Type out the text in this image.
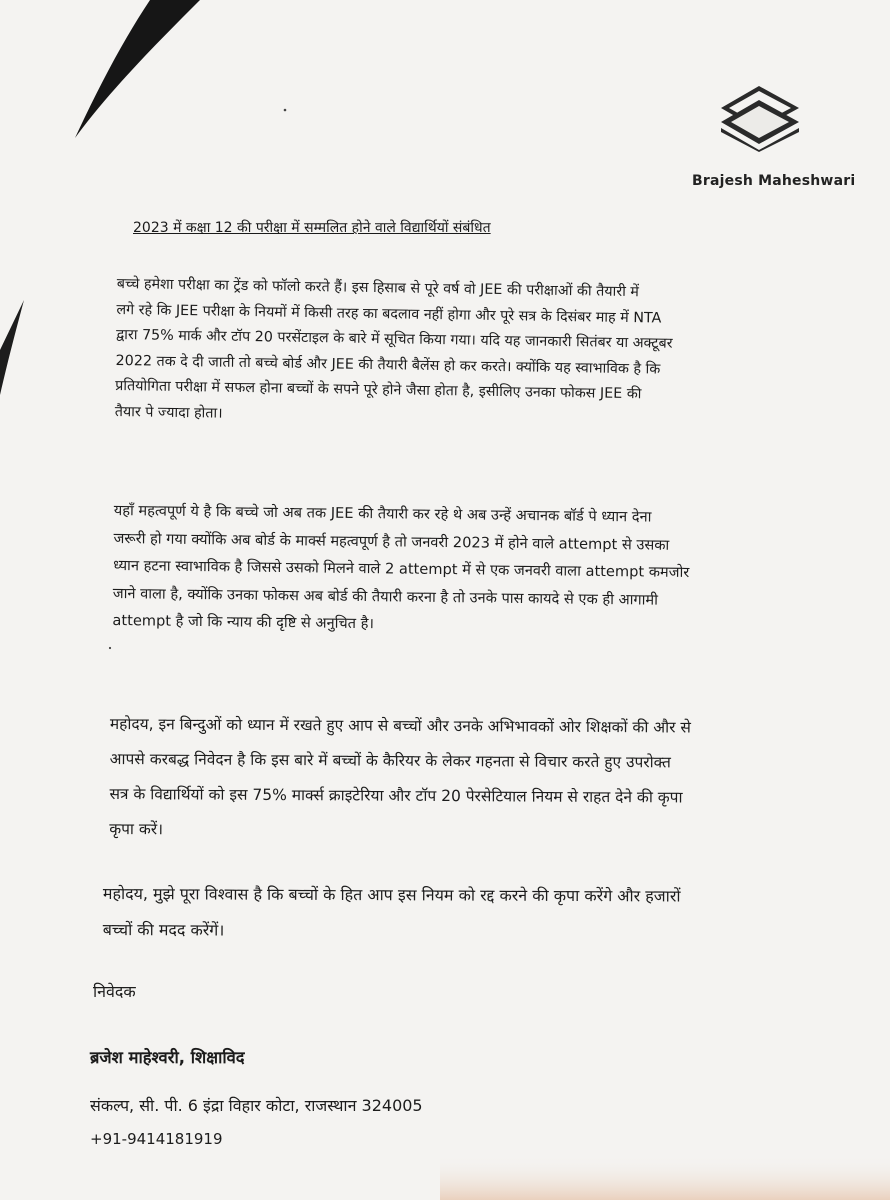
Brajesh Maheshwari
2023 में कक्षा 12 की परीक्षा में सम्मलित होने वाले विद्यार्थियों संबंधित
बच्चे हमेशा परीक्षा का ट्रेंड को फॉलो करते हैं। इस हिसाब से पूरे वर्ष वो JEE की परीक्षाओं की तैयारी में
लगे रहे कि JEE परीक्षा के नियमों में किसी तरह का बदलाव नहीं होगा और पूरे सत्र के दिसंबर माह में NTA
द्वारा 75% मार्क और टॉप 20 परसेंटाइल के बारे में सूचित किया गया। यदि यह जानकारी सितंबर या अक्टूबर
2022 तक दे दी जाती तो बच्चे बोर्ड और JEE की तैयारी बैलेंस हो कर करते। क्योंकि यह स्वाभाविक है कि
प्रतियोगिता परीक्षा में सफल होना बच्चों के सपने पूरे होने जैसा होता है, इसीलिए उनका फोकस JEE की
तैयार पे ज्यादा होता।
यहाँ महत्वपूर्ण ये है कि बच्चे जो अब तक JEE की तैयारी कर रहे थे अब उन्हें अचानक बॉर्ड पे ध्यान देना
जरूरी हो गया क्योंकि अब बोर्ड के मार्क्स महत्वपूर्ण है तो जनवरी 2023 में होने वाले attempt से उसका
ध्यान हटना स्वाभाविक है जिससे उसको मिलने वाले 2 attempt में से एक जनवरी वाला attempt कमजोर
जाने वाला है, क्योंकि उनका फोकस अब बोर्ड की तैयारी करना है तो उनके पास कायदे से एक ही आगामी
attempt है जो कि न्याय की दृष्टि से अनुचित है।
महोदय, इन बिन्दुओं को ध्यान में रखते हुए आप से बच्चों और उनके अभिभावकों ओर शिक्षकों की और से
आपसे करबद्ध निवेदन है कि इस बारे में बच्चों के कैरियर के लेकर गहनता से विचार करते हुए उपरोक्त
सत्र के विद्यार्थियों को इस 75% मार्क्स क्राइटेरिया और टॉप 20 पेरसेटियाल नियम से राहत देने की कृपा
कृपा करें।
महोदय, मुझे पूरा विश्वास है कि बच्चों के हित आप इस नियम को रद्द करने की कृपा करेंगे और हजारों
बच्चों की मदद करेंगें।
निवेदक
ब्रजेश माहेश्वरी, शिक्षाविद
संकल्प, सी. पी. 6 इंद्रा विहार कोटा, राजस्थान 324005
+91-9414181919
